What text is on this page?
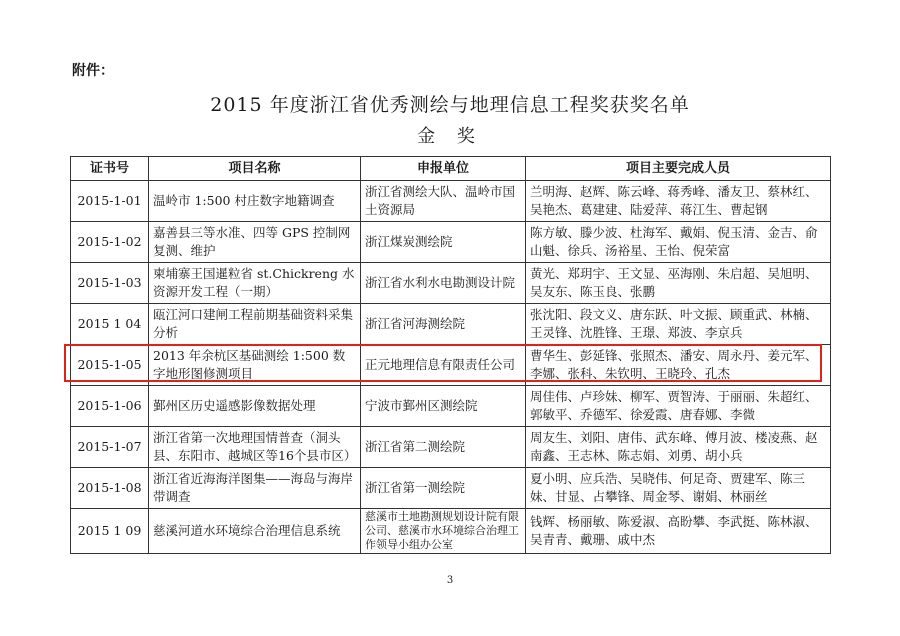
附件：
2015 年度浙江省优秀测绘与地理信息工程奖获奖名单
金 奖
证书号	项目名称	申报单位	项目主要完成人员
2015-1-01	温岭市 1:500 村庄数字地籍调查	浙江省测绘大队、温岭市国土资源局	兰明海、赵辉、陈云峰、蒋秀峰、潘友卫、蔡林红、吴艳杰、葛建建、陆爱萍、蒋江生、曹起钢
2015-1-02	嘉善县三等水准、四等 GPS 控制网复测、维护	浙江煤炭测绘院	陈方敏、滕少波、杜海军、戴娟、倪玉清、金吉、俞山魁、徐兵、汤裕星、王怡、倪荣富
2015-1-03	柬埔寨王国暹粒省 st.Chickreng 水资源开发工程（一期）	浙江省水利水电勘测设计院	黄光、郑玥宇、王文显、巫海刚、朱启超、吴旭明、吴友东、陈玉良、张鹏
2015 1 04	瓯江河口建闸工程前期基础资料采集分析	浙江省河海测绘院	张沈阳、段文义、唐东跃、叶文振、顾重武、林楠、王灵锋、沈胜锋、王璟、郑波、李京兵
2015-1-05	2013 年余杭区基础测绘 1:500 数字地形图修测项目	正元地理信息有限责任公司	曹华生、彭延锋、张照杰、潘安、周永丹、姜元军、李娜、张科、朱钦明、王晓玲、孔杰
2015-1-06	鄞州区历史遥感影像数据处理	宁波市鄞州区测绘院	周佳伟、卢珍妹、柳军、贾智涛、于丽丽、朱超红、郭敏平、乔德军、徐爱霞、唐春娜、李微
2015-1-07	浙江省第一次地理国情普查（洞头县、东阳市、越城区等16个县市区）	浙江省第二测绘院	周友生、刘阳、唐伟、武东峰、傅月波、楼凌燕、赵南鑫、王志林、陈志娟、刘勇、胡小兵
2015-1-08	浙江省近海海洋图集——海岛与海岸带调查	浙江省第一测绘院	夏小明、应兵浩、吴晓伟、何足奇、贾建军、陈三妹、甘显、占攀锋、周金琴、谢娟、林丽丝
2015 1 09	慈溪河道水环境综合治理信息系统	慈溪市土地勘测规划设计院有限公司、慈溪市水环境综合治理工作领导小组办公室	钱辉、杨丽敏、陈爱淑、高盼攀、李武挺、陈林淑、吴青青、戴珊、戚中杰
3
